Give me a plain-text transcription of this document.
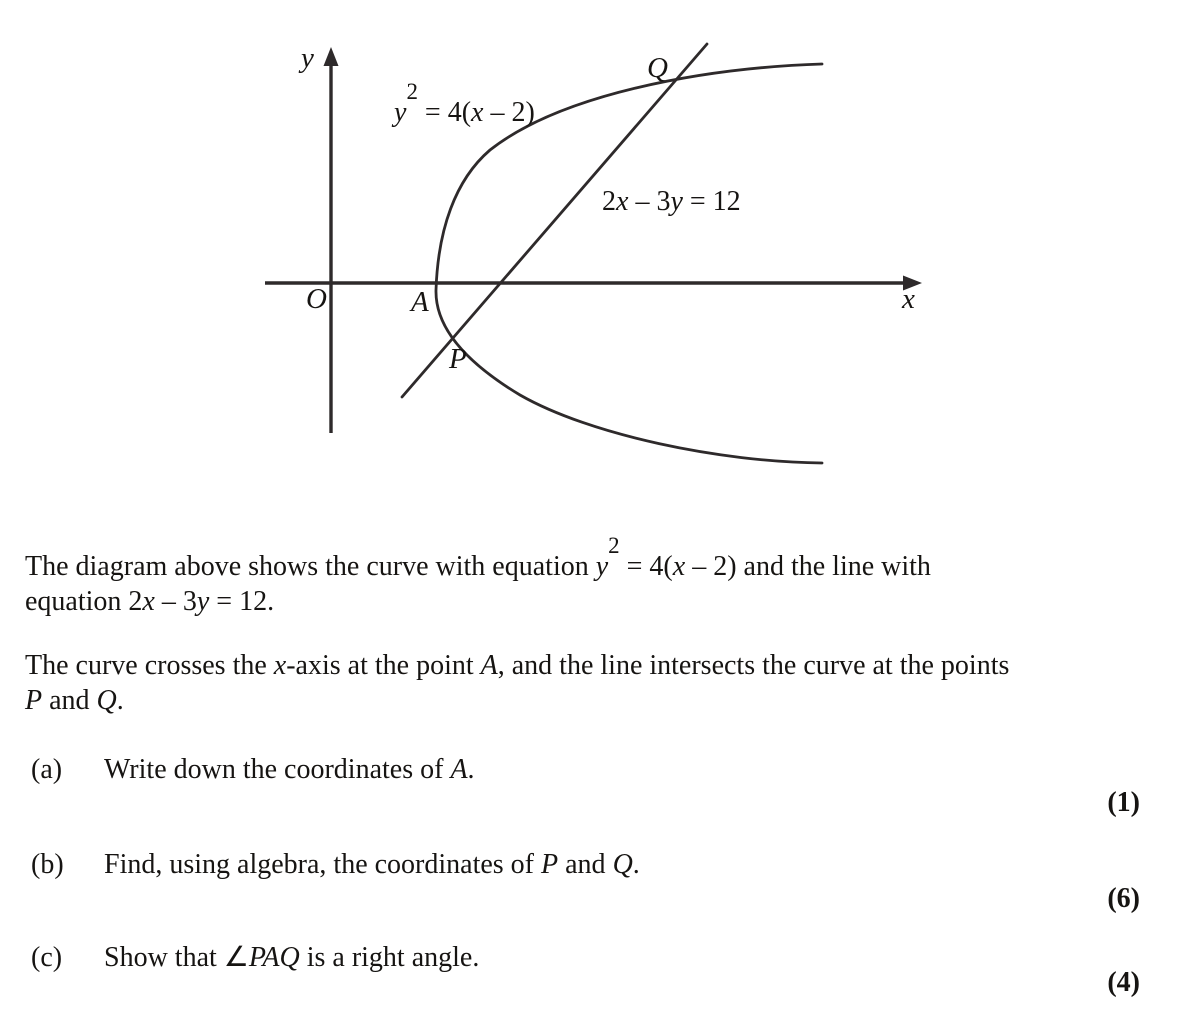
y
x
O	A
P
Q
$y^2 = 4(x - 2)$
2x – 3y = 12
The diagram above shows the curve with equation $y^2 = 4(x - 2)$ and the line with
equation 2x – 3y = 12.
The curve crosses the x-axis at the point A, and the line intersects the curve at the points
P and Q.
(a) Write down the coordinates of A.
(1)
(b) Find, using algebra, the coordinates of P and Q.
(6)
(c) Show that ∠PAQ is a right angle.
(4)
